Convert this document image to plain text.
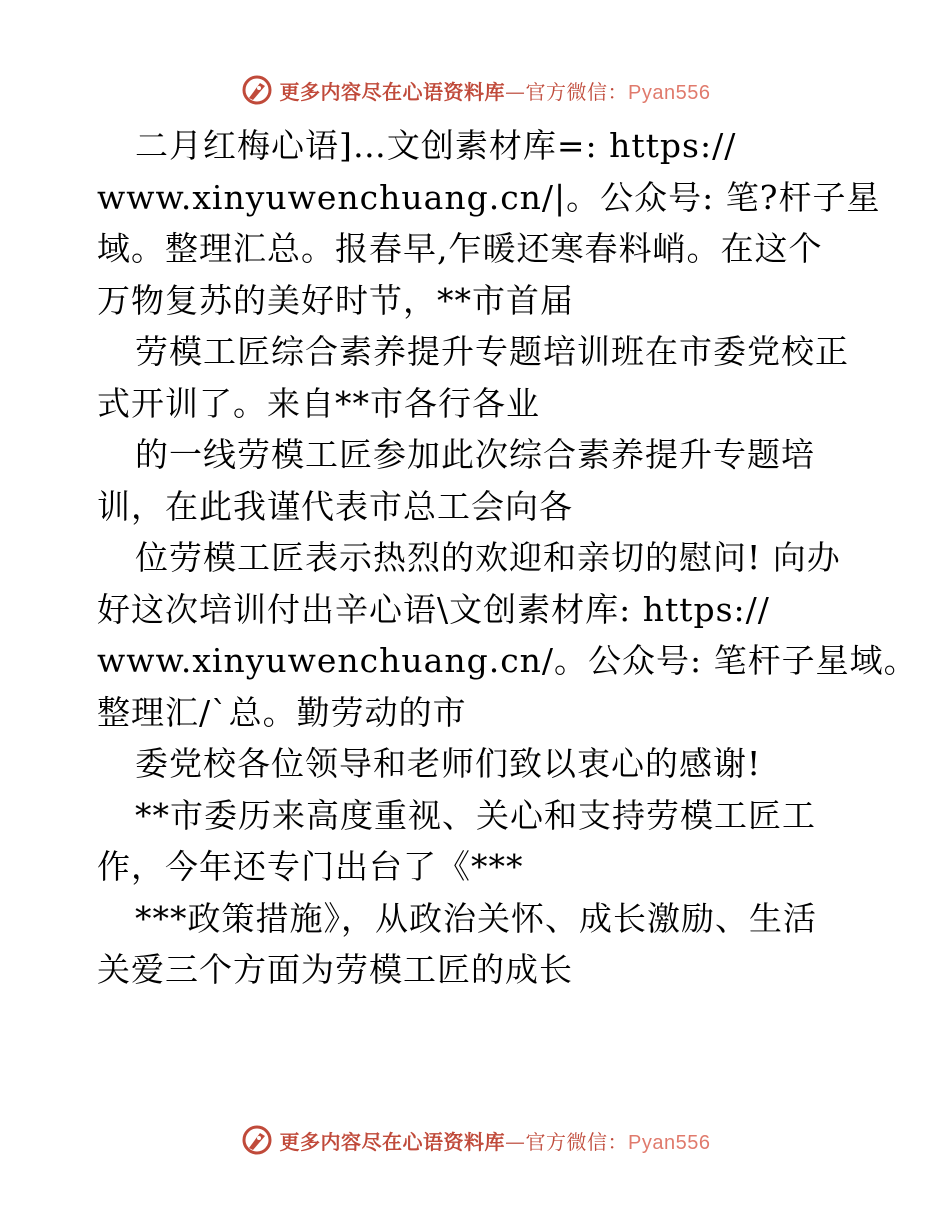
更多内容尽在心语资料库—官方微信：Pyan556
二月红梅心语]…文创素材库=: https://
www.xinyuwenchuang.cn/|。公众号: 笔?杆子星
域。整理汇总。报春早,乍暖还寒春料峭。在这个
万物复苏的美好时节，**市首届
劳模工匠综合素养提升专题培训班在市委党校正
式开训了。来自**市各行各业
的一线劳模工匠参加此次综合素养提升专题培
训，在此我谨代表市总工会向各
位劳模工匠表示热烈的欢迎和亲切的慰问! 向办
好这次培训付出辛心语\文创素材库: https://
www.xinyuwenchuang.cn/。公众号: 笔杆子星域。
整理汇/`总。勤劳动的市
委党校各位领导和老师们致以衷心的感谢!
**市委历来高度重视、关心和支持劳模工匠工
作，今年还专门出台了《***
***政策措施》，从政治关怀、成长激励、生活
关爱三个方面为劳模工匠的成长
更多内容尽在心语资料库—官方微信：Pyan556
